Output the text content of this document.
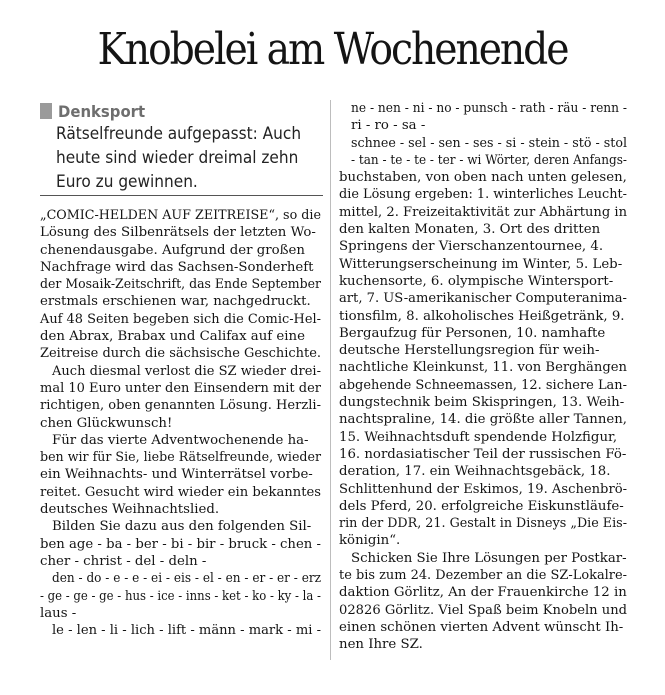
Knobelei am Wochenende
Denksport
Rätselfreunde aufgepasst: Auch
heute sind wieder dreimal zehn
Euro zu gewinnen.
„COMIC-HELDEN AUF ZEITREISE“, so die
Lösung des Silbenrätsels der letzten Wo-
chenendausgabe. Aufgrund der großen
Nachfrage wird das Sachsen-Sonderheft
der Mosaik-Zeitschrift, das Ende September
erstmals erschienen war, nachgedruckt.
Auf 48 Seiten begeben sich die Comic-Hel-
den Abrax, Brabax und Califax auf eine
Zeitreise durch die sächsische Geschichte.
Auch diesmal verlost die SZ wieder drei-
mal 10 Euro unter den Einsendern mit der
richtigen, oben genannten Lösung. Herzli-
chen Glückwunsch!
Für das vierte Adventwochenende ha-
ben wir für Sie, liebe Rätselfreunde, wieder
ein Weihnachts- und Winterrätsel vorbe-
reitet. Gesucht wird wieder ein bekanntes
deutsches Weihnachtslied.
Bilden Sie dazu aus den folgenden Sil-
ben age - ba - ber - bi - bir - bruck - chen -
cher - christ - del - deln -
den - do - e - e - ei - eis - el - en - er - er - erz
- ge - ge - ge - hus - ice - inns - ket - ko - ky - la -
laus -
le - len - li - lich - lift - männ - mark - mi -
ne - nen - ni - no - punsch - rath - räu - renn -
ri - ro - sa -
schnee - sel - sen - ses - si - stein - stö - stol
- tan - te - te - ter - wi Wörter, deren Anfangs-
buchstaben, von oben nach unten gelesen,
die Lösung ergeben: 1. winterliches Leucht-
mittel, 2. Freizeitaktivität zur Abhärtung in
den kalten Monaten, 3. Ort des dritten
Springens der Vierschanzentournee, 4.
Witterungserscheinung im Winter, 5. Leb-
kuchensorte, 6. olympische Wintersport-
art, 7. US-amerikanischer Computeranima-
tionsfilm, 8. alkoholisches Heißgetränk, 9.
Bergaufzug für Personen, 10. namhafte
deutsche Herstellungsregion für weih-
nachtliche Kleinkunst, 11. von Berghängen
abgehende Schneemassen, 12. sichere Lan-
dungstechnik beim Skispringen, 13. Weih-
nachtspraline, 14. die größte aller Tannen,
15. Weihnachtsduft spendende Holzfigur,
16. nordasiatischer Teil der russischen Fö-
deration, 17. ein Weihnachtsgebäck, 18.
Schlittenhund der Eskimos, 19. Aschenbrö-
dels Pferd, 20. erfolgreiche Eiskunstläufe-
rin der DDR, 21. Gestalt in Disneys „Die Eis-
königin“.
Schicken Sie Ihre Lösungen per Postkar-
te bis zum 24. Dezember an die SZ-Lokalre-
daktion Görlitz, An der Frauenkirche 12 in
02826 Görlitz. Viel Spaß beim Knobeln und
einen schönen vierten Advent wünscht Ih-
nen Ihre SZ.
